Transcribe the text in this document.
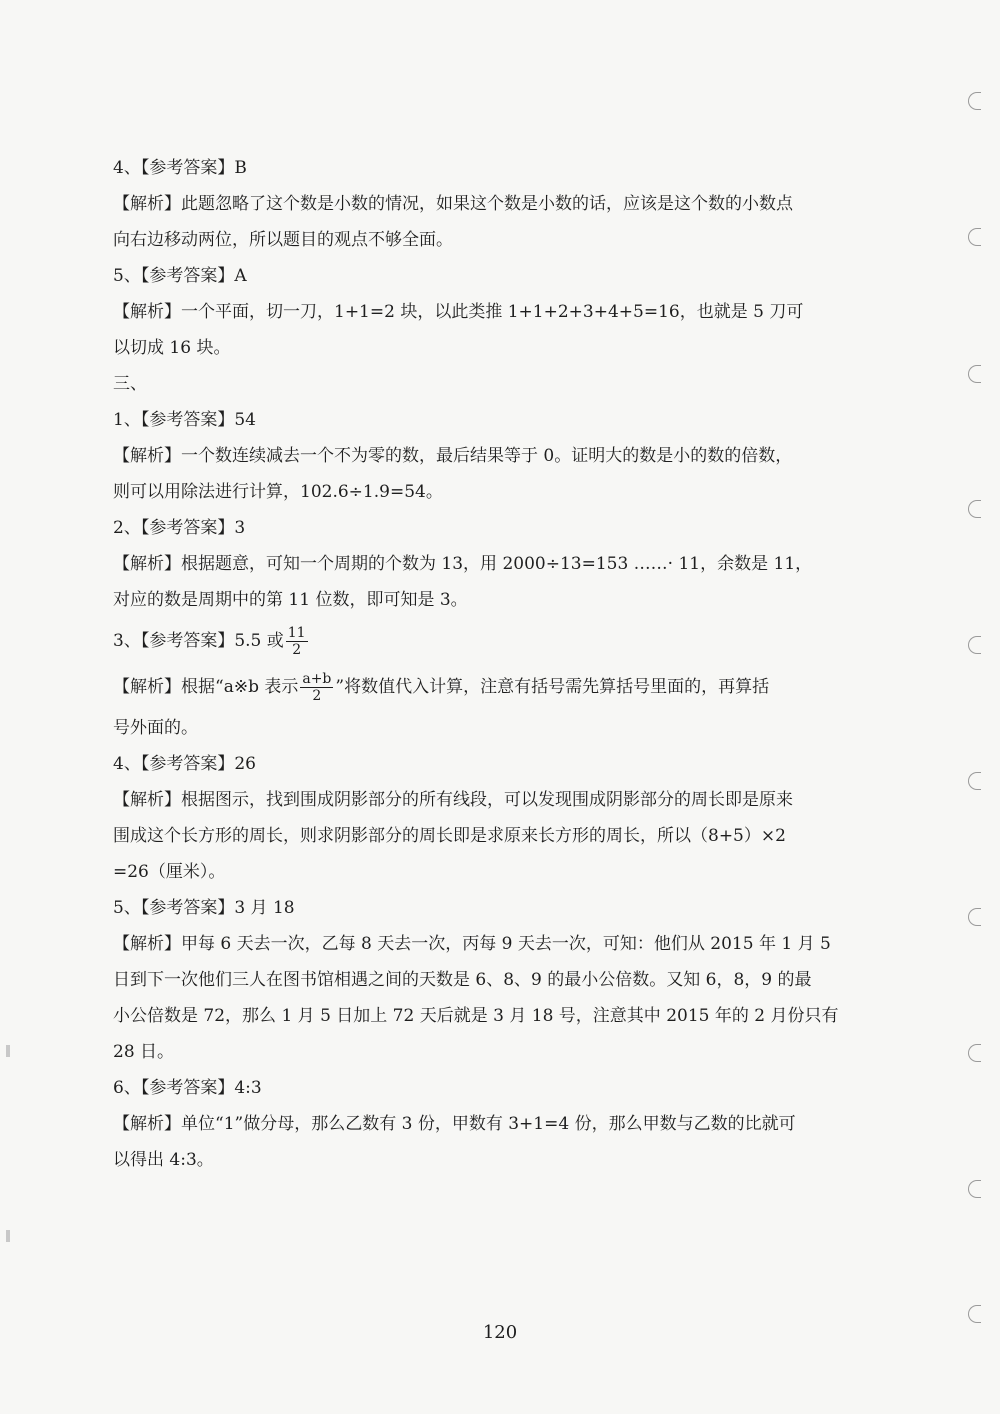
4、【参考答案】B
【解析】此题忽略了这个数是小数的情况，如果这个数是小数的话，应该是这个数的小数点
向右边移动两位，所以题目的观点不够全面。
5、【参考答案】A
【解析】一个平面，切一刀，1+1=2 块，以此类推 1+1+2+3+4+5=16，也就是 5 刀可
以切成 16 块。
三、
1、【参考答案】54
【解析】一个数连续减去一个不为零的数，最后结果等于 0。证明大的数是小的数的倍数，
则可以用除法进行计算，102.6÷1.9=54。
2、【参考答案】3
【解析】根据题意，可知一个周期的个数为 13，用 2000÷13=153 ……· 11，余数是 11，
对应的数是周期中的第 11 位数，即可知是 3。
3、【参考答案】5.5 或 $\frac{11}{2}$
【解析】根据“a※b 表示 $\frac{a+b}{2}$ ”将数值代入计算，注意有括号需先算括号里面的，再算括
号外面的。
4、【参考答案】26
【解析】根据图示，找到围成阴影部分的所有线段，可以发现围成阴影部分的周长即是原来
围成这个长方形的周长，则求阴影部分的周长即是求原来长方形的周长，所以（8+5）×2
=26（厘米）。
5、【参考答案】3 月 18
【解析】甲每 6 天去一次，乙每 8 天去一次，丙每 9 天去一次，可知：他们从 2015 年 1 月 5
日到下一次他们三人在图书馆相遇之间的天数是 6、8、9 的最小公倍数。又知 6，8，9 的最
小公倍数是 72，那么 1 月 5 日加上 72 天后就是 3 月 18 号，注意其中 2015 年的 2 月份只有
28 日。
6、【参考答案】4:3
【解析】单位“1”做分母，那么乙数有 3 份，甲数有 3+1=4 份，那么甲数与乙数的比就可
以得出 4:3。
120
